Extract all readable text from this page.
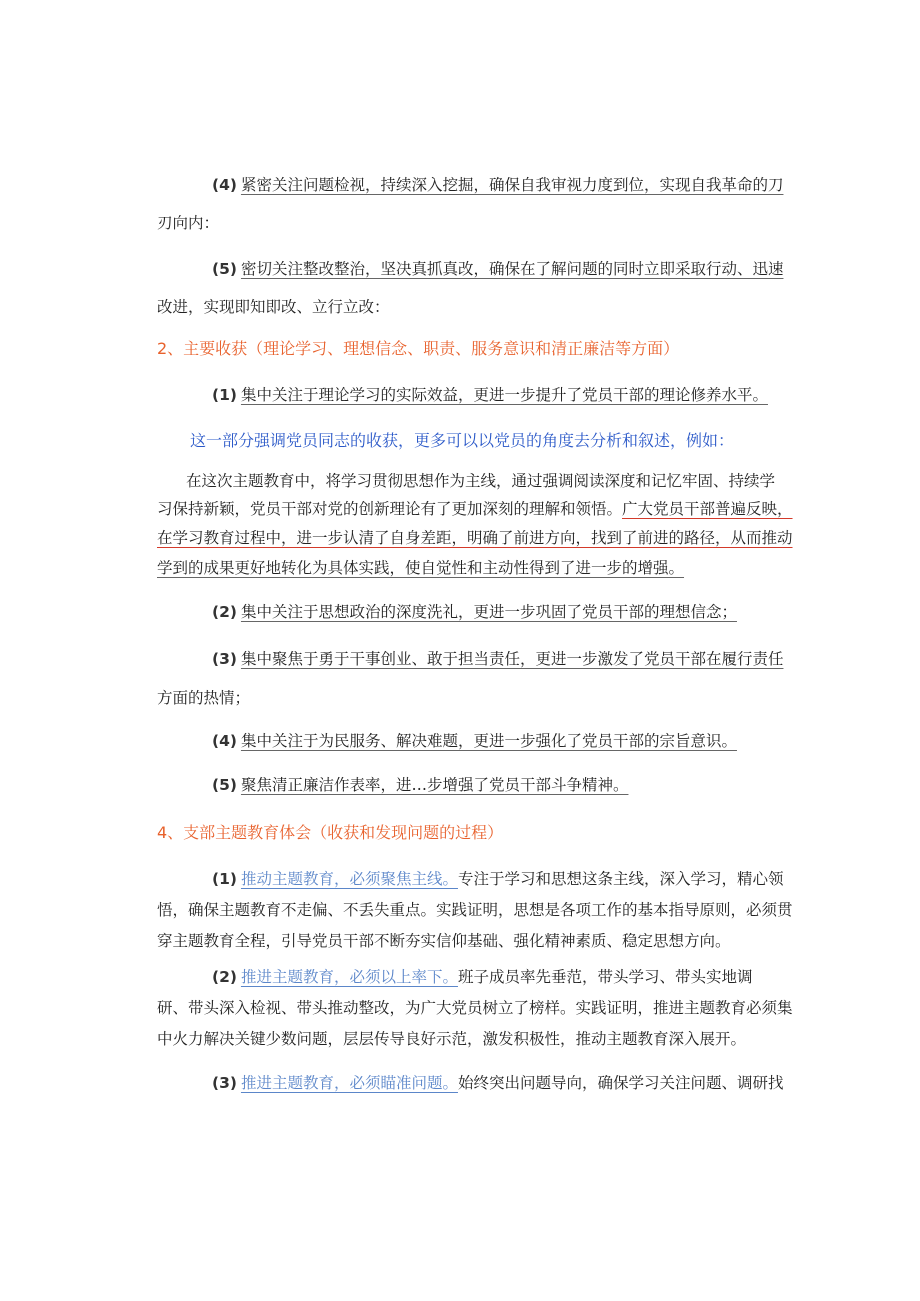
(4) 紧密关注问题检视，持续深入挖掘，确保自我审视力度到位，实现自我革命的刀
刃向内：
(5) 密切关注整改整治，坚决真抓真改，确保在了解问题的同时立即采取行动、迅速
改进，实现即知即改、立行立改：
2、主要收获（理论学习、理想信念、职责、服务意识和清正廉洁等方面）
(1) 集中关注于理论学习的实际效益，更进一步提升了党员干部的理论修养水平。
这一部分强调党员同志的收获，更多可以以党员的角度去分析和叙述，例如：
在这次主题教育中，将学习贯彻思想作为主线，通过强调阅读深度和记忆牢固、持续学
习保持新颖，党员干部对党的创新理论有了更加深刻的理解和领悟。广大党员干部普遍反映，
在学习教育过程中，进一步认清了自身差距，明确了前进方向，找到了前进的路径，从而推动
学到的成果更好地转化为具体实践，使自觉性和主动性得到了进一步的增强。
(2) 集中关注于思想政治的深度洗礼，更进一步巩固了党员干部的理想信念；
(3) 集中聚焦于勇于干事创业、敢于担当责任，更进一步激发了党员干部在履行责任
方面的热情；
(4) 集中关注于为民服务、解决难题，更进一步强化了党员干部的宗旨意识。
(5) 聚焦清正廉洁作表率，进…步增强了党员干部斗争精神。
4、支部主题教育体会（收获和发现问题的过程）
(1) 推动主题教育，必须聚焦主线。专注于学习和思想这条主线，深入学习，精心领
悟，确保主题教育不走偏、不丢失重点。实践证明，思想是各项工作的基本指导原则，必须贯
穿主题教育全程，引导党员干部不断夯实信仰基础、强化精神素质、稳定思想方向。
(2) 推进主题教育，必须以上率下。班子成员率先垂范，带头学习、带头实地调
研、带头深入检视、带头推动整改，为广大党员树立了榜样。实践证明，推进主题教育必须集
中火力解决关键少数问题，层层传导良好示范，激发积极性，推动主题教育深入展开。
(3) 推进主题教育，必须瞄准问题。始终突出问题导向，确保学习关注问题、调研找
